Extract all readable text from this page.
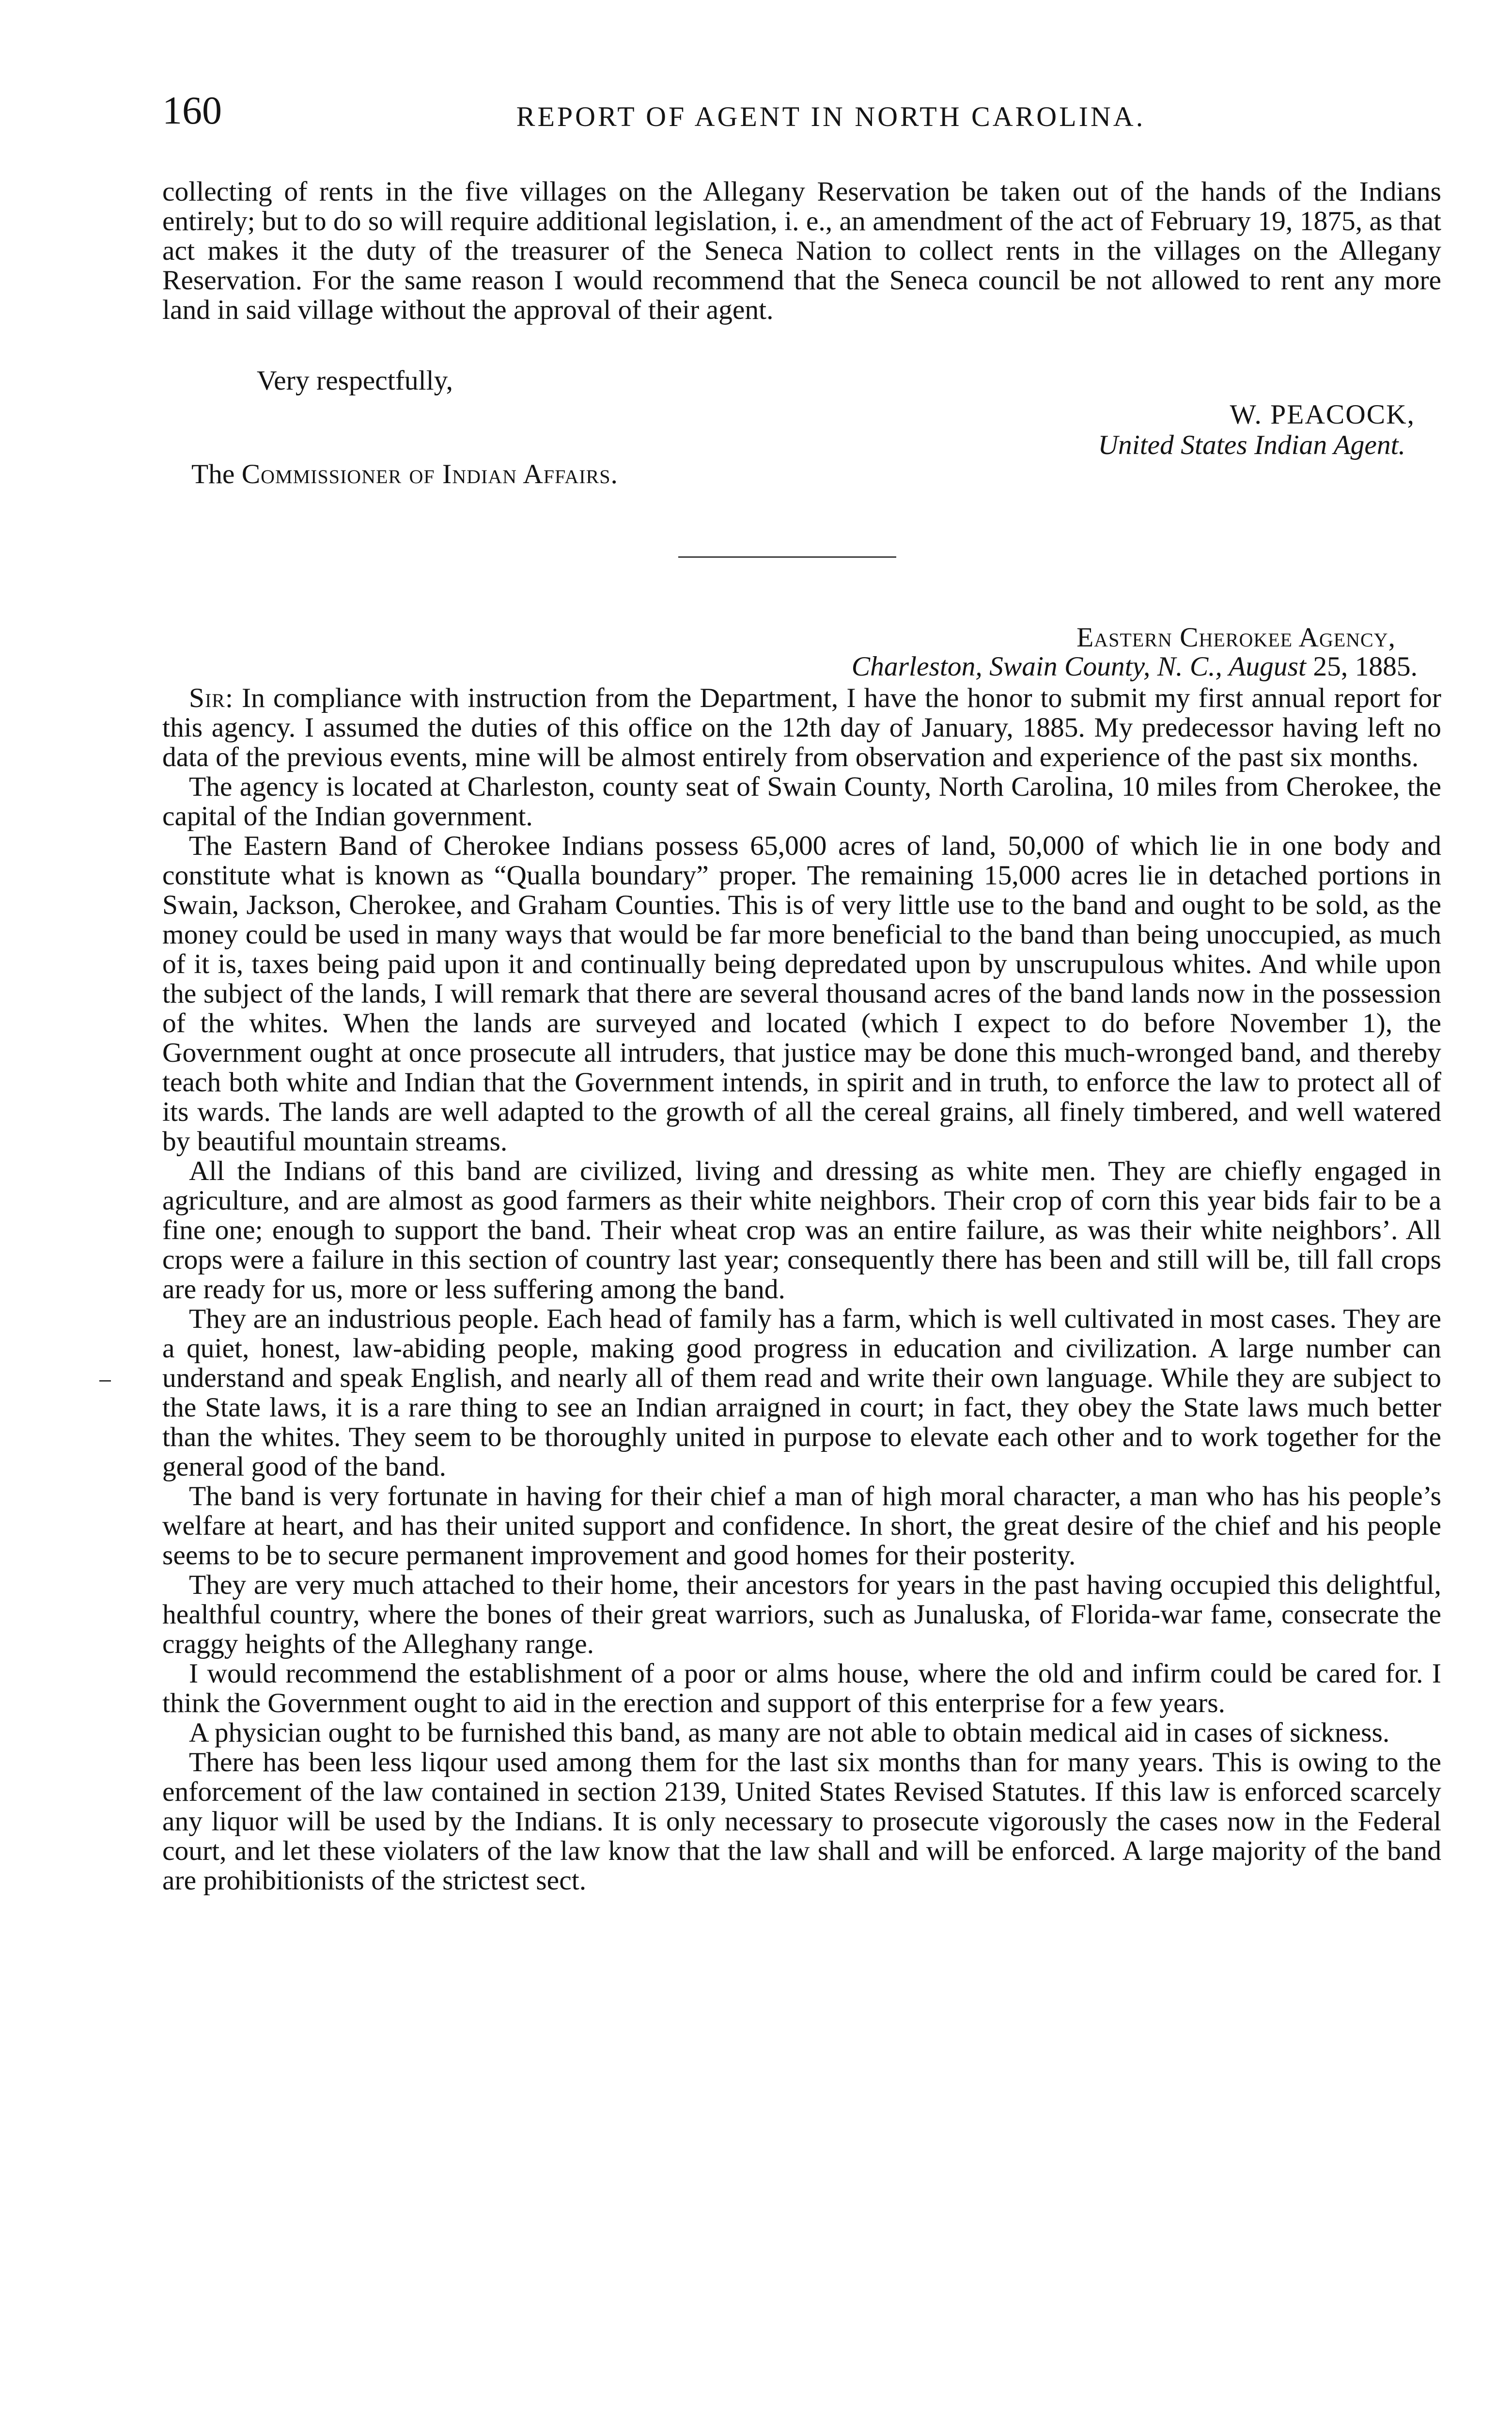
160	REPORT OF AGENT IN NORTH CAROLINA.

collecting of rents in the five villages on the Allegany Reservation be taken out of the hands of the Indians entirely; but to do so will require additional legislation, i. e., an amendment of the act of February 19, 1875, as that act makes it the duty of the treasurer of the Seneca Nation to collect rents in the villages on the Allegany Reservation. For the same reason I would recommend that the Seneca council be not allowed to rent any more land in said village without the approval of their agent.

Very respectfully,
W. PEACOCK,
United States Indian Agent.
The Commissioner of Indian Affairs.
Eastern Cherokee Agency,
Charleston, Swain County, N. C., August 25, 1885.

Sir: In compliance with instruction from the Department, I have the honor to submit my first annual report for this agency. I assumed the duties of this office on the 12th day of January, 1885. My predecessor having left no data of the previous events, mine will be almost entirely from observation and experience of the past six months.

The agency is located at Charleston, county seat of Swain County, North Carolina, 10 miles from Cherokee, the capital of the Indian government.

The Eastern Band of Cherokee Indians possess 65,000 acres of land, 50,000 of which lie in one body and constitute what is known as “Qualla boundary” proper. The remaining 15,000 acres lie in detached portions in Swain, Jackson, Cherokee, and Graham Counties. This is of very little use to the band and ought to be sold, as the money could be used in many ways that would be far more beneficial to the band than being unoccupied, as much of it is, taxes being paid upon it and continually being depredated upon by unscrupulous whites. And while upon the subject of the lands, I will remark that there are several thousand acres of the band lands now in the possession of the whites. When the lands are surveyed and located (which I expect to do before November 1), the Government ought at once prosecute all intruders, that justice may be done this much-wronged band, and thereby teach both white and Indian that the Government intends, in spirit and in truth, to enforce the law to protect all of its wards. The lands are well adapted to the growth of all the cereal grains, all finely timbered, and well watered by beautiful mountain streams.

All the Indians of this band are civilized, living and dressing as white men. They are chiefly engaged in agriculture, and are almost as good farmers as their white neighbors. Their crop of corn this year bids fair to be a fine one; enough to support the band. Their wheat crop was an entire failure, as was their white neighbors’. All crops were a failure in this section of country last year; consequently there has been and still will be, till fall crops are ready for us, more or less suffering among the band.

They are an industrious people. Each head of family has a farm, which is well cultivated in most cases. They are a quiet, honest, law-abiding people, making good progress in education and civilization. A large number can understand and speak English, and nearly all of them read and write their own language. While they are subject to the State laws, it is a rare thing to see an Indian arraigned in court; in fact, they obey the State laws much better than the whites. They seem to be thoroughly united in purpose to elevate each other and to work together for the general good of the band.

The band is very fortunate in having for their chief a man of high moral character, a man who has his people’s welfare at heart, and has their united support and confidence. In short, the great desire of the chief and his people seems to be to secure permanent improvement and good homes for their posterity.

They are very much attached to their home, their ancestors for years in the past having occupied this delightful, healthful country, where the bones of their great warriors, such as Junaluska, of Florida-war fame, consecrate the craggy heights of the Alleghany range.

I would recommend the establishment of a poor or alms house, where the old and infirm could be cared for. I think the Government ought to aid in the erection and support of this enterprise for a few years.

A physician ought to be furnished this band, as many are not able to obtain medical aid in cases of sickness.

There has been less liqour used among them for the last six months than for many years. This is owing to the enforcement of the law contained in section 2139, United States Revised Statutes. If this law is enforced scarcely any liquor will be used by the Indians. It is only necessary to prosecute vigorously the cases now in the Federal court, and let these violaters of the law know that the law shall and will be enforced. A large majority of the band are prohibitionists of the strictest sect.
